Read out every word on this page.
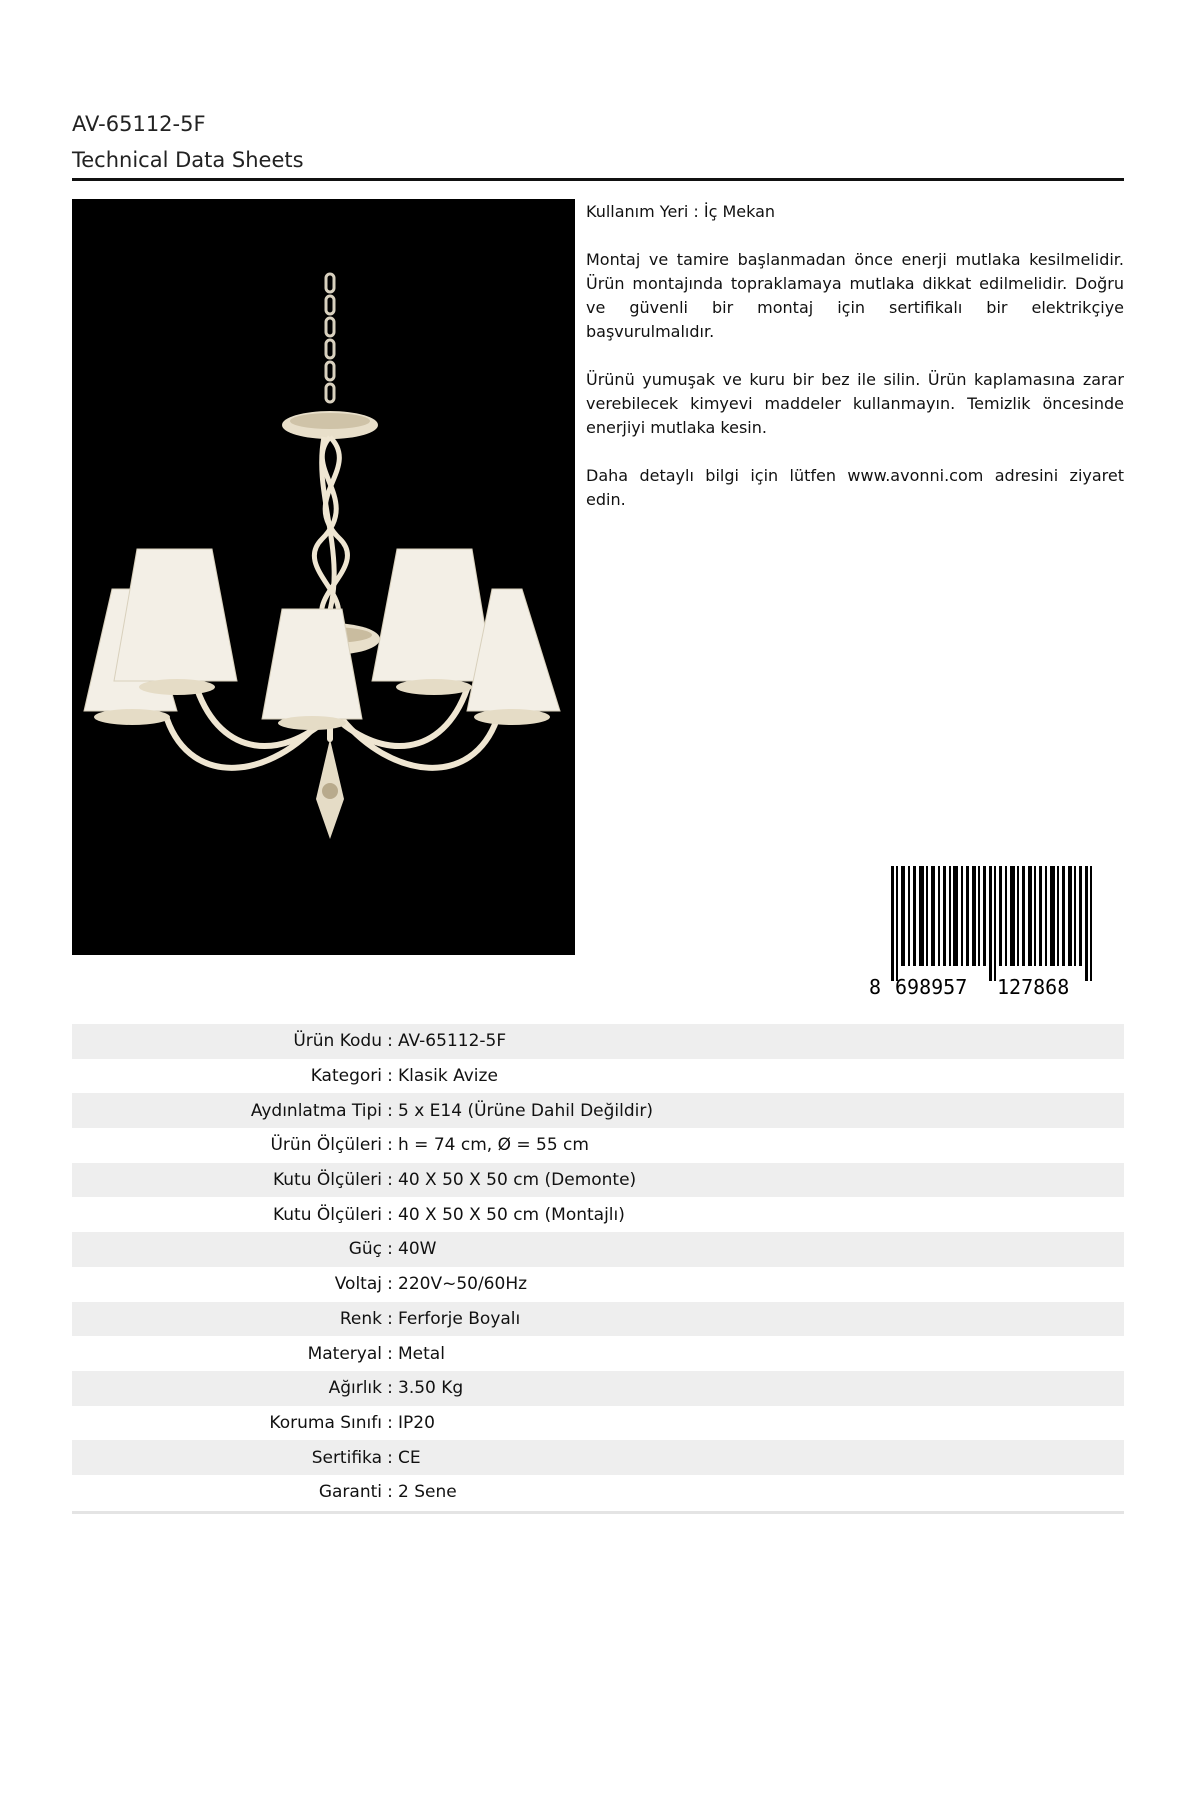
AV-65112-5F
Technical Data Sheets

Kullanım Yeri : İç Mekan

Montaj ve tamire başlanmadan önce enerji mutlaka kesilmelidir. Ürün montajında topraklamaya mutlaka dikkat edilmelidir. Doğru ve güvenli bir montaj için sertifikalı bir elektrikçiye başvurulmalıdır.

Ürünü yumuşak ve kuru bir bez ile silin. Ürün kaplamasına zarar verebilecek kimyevi maddeler kullanmayın. Temizlik öncesinde enerjiyi mutlaka kesin.

Daha detaylı bilgi için lütfen www.avonni.com adresini ziyaret edin.

8 698957 127868
Ürün Kodu : AV-65112-5F
Kategori : Klasik Avize
Aydınlatma Tipi : 5 x E14 (Ürüne Dahil Değildir)
Ürün Ölçüleri : h = 74 cm, Ø = 55 cm
Kutu Ölçüleri : 40 X 50 X 50 cm (Demonte)
Kutu Ölçüleri : 40 X 50 X 50 cm (Montajlı)
Güç : 40W
Voltaj : 220V~50/60Hz
Renk : Ferforje Boyalı
Materyal : Metal
Ağırlık : 3.50 Kg
Koruma Sınıfı : IP20
Sertifika : CE
Garanti : 2 Sene
